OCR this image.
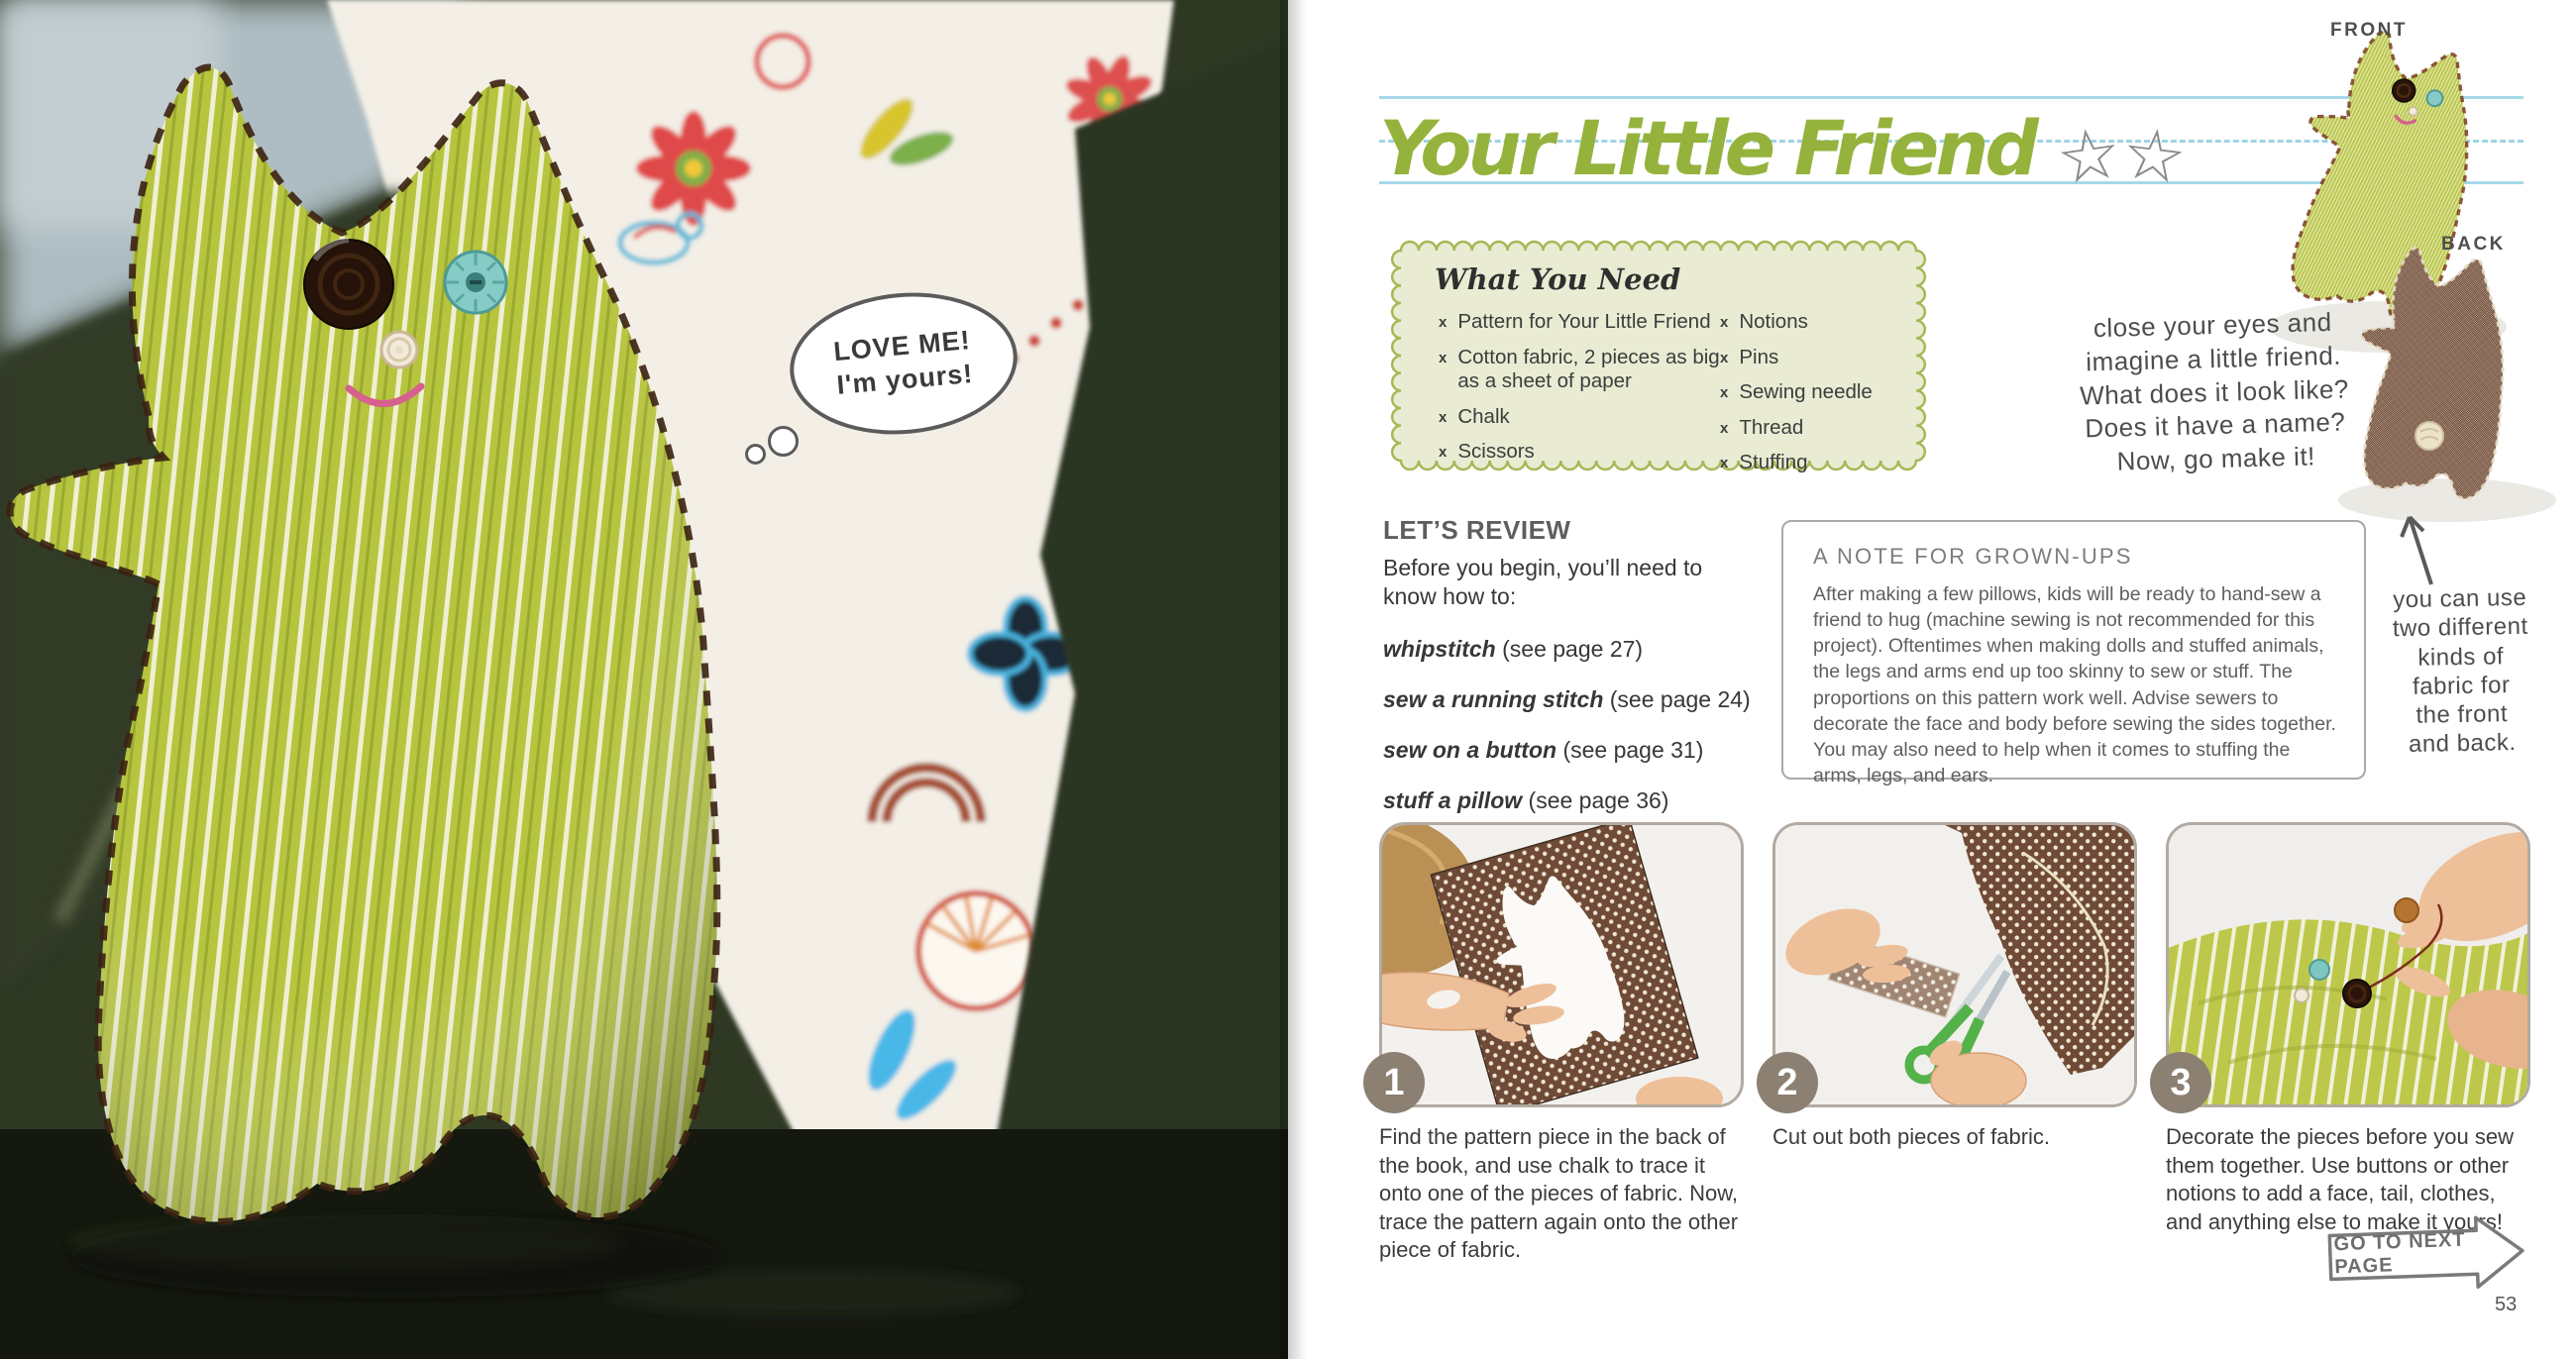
LOVE ME!
I'm yours!
Your Little Friend ☆☆
FRONT
BACK
What You Need
x Pattern for Your Little Friend
x Cotton fabric, 2 pieces as big as a sheet of paper
x Chalk
x Scissors
x Notions
x Pins
x Sewing needle
x Thread
x Stuffing
close your eyes and
imagine a little friend.
What does it look like?
Does it have a name?
Now, go make it!
LET’S REVIEW
Before you begin, you’ll need to know how to:
whipstitch (see page 27)
sew a running stitch (see page 24)
sew on a button (see page 31)
stuff a pillow (see page 36)
A NOTE FOR GROWN-UPS
After making a few pillows, kids will be ready to hand-sew a friend to hug (machine sewing is not recommended for this project). Oftentimes when making dolls and stuffed animals, the legs and arms end up too skinny to sew or stuff. The proportions on this pattern work well. Advise sewers to decorate the face and body before sewing the sides together. You may also need to help when it comes to stuffing the arms, legs, and ears.
you can use
two different
kinds of
fabric for
the front
and back.
1
Find the pattern piece in the back of the book, and use chalk to trace it onto one of the pieces of fabric. Now, trace the pattern again onto the other piece of fabric.
2
Cut out both pieces of fabric.
3
Decorate the pieces before you sew them together. Use buttons or other notions to add a face, tail, clothes, and anything else to make it yours!
GO TO NEXT PAGE
53
